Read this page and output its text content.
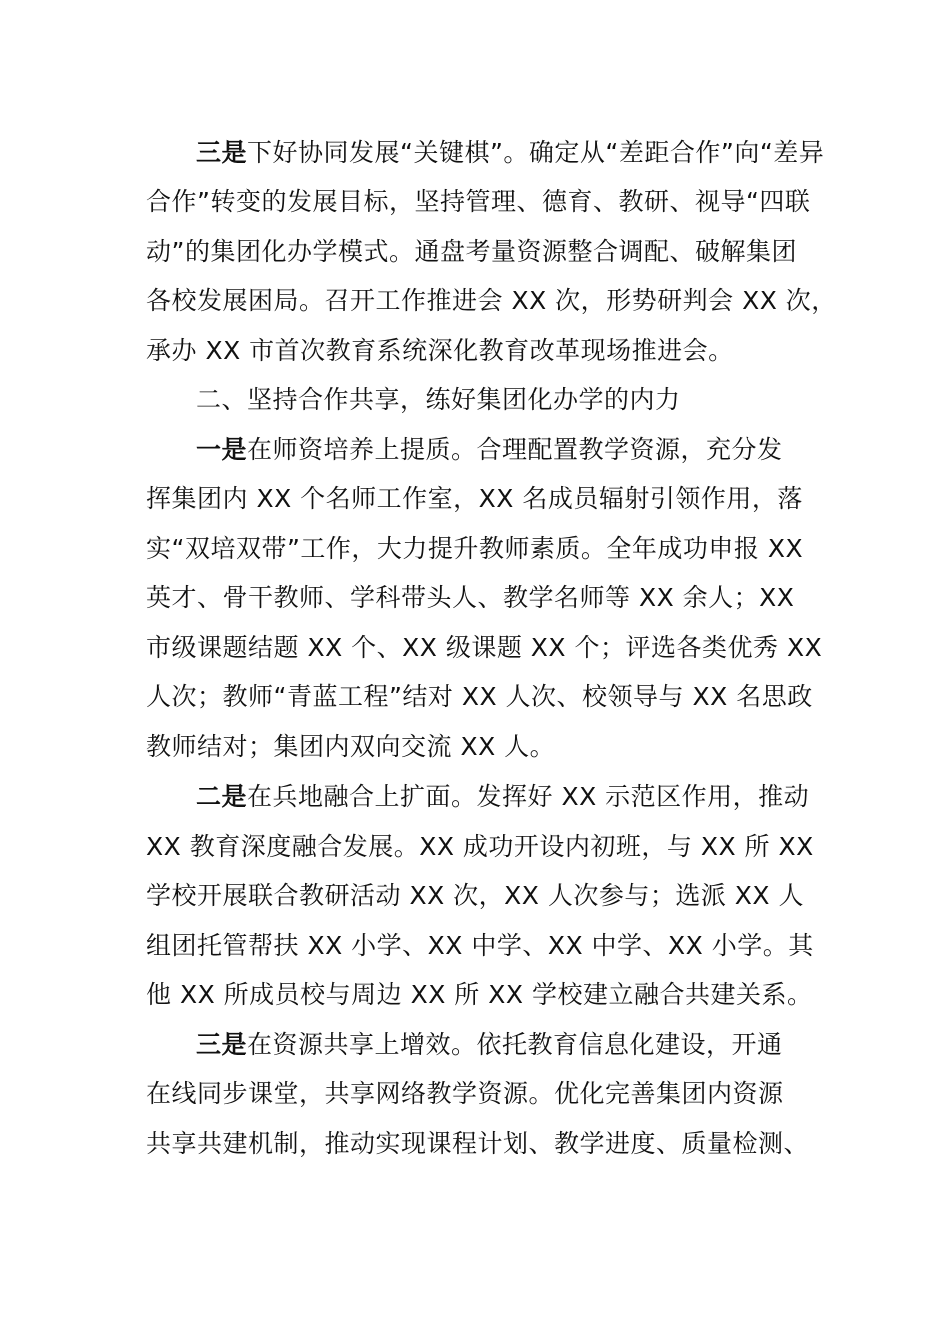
三是下好协同发展“关键棋”。确定从“差距合作”向“差异
合作”转变的发展目标，坚持管理、德育、教研、视导“四联
动”的集团化办学模式。通盘考量资源整合调配、破解集团
各校发展困局。召开工作推进会 XX 次，形势研判会 XX 次，
承办 XX 市首次教育系统深化教育改革现场推进会。
二、坚持合作共享，练好集团化办学的内力
一是在师资培养上提质。合理配置教学资源，充分发
挥集团内 XX 个名师工作室，XX 名成员辐射引领作用，落
实“双培双带”工作，大力提升教师素质。全年成功申报 XX
英才、骨干教师、学科带头人、教学名师等 XX 余人；XX
市级课题结题 XX 个、XX 级课题 XX 个；评选各类优秀 XX
人次；教师“青蓝工程”结对 XX 人次、校领导与 XX 名思政
教师结对；集团内双向交流 XX 人。
二是在兵地融合上扩面。发挥好 XX 示范区作用，推动
XX 教育深度融合发展。XX 成功开设内初班，与 XX 所 XX
学校开展联合教研活动 XX 次，XX 人次参与；选派 XX 人
组团托管帮扶 XX 小学、XX 中学、XX 中学、XX 小学。其
他 XX 所成员校与周边 XX 所 XX 学校建立融合共建关系。
三是在资源共享上增效。依托教育信息化建设，开通
在线同步课堂，共享网络教学资源。优化完善集团内资源
共享共建机制，推动实现课程计划、教学进度、质量检测、
